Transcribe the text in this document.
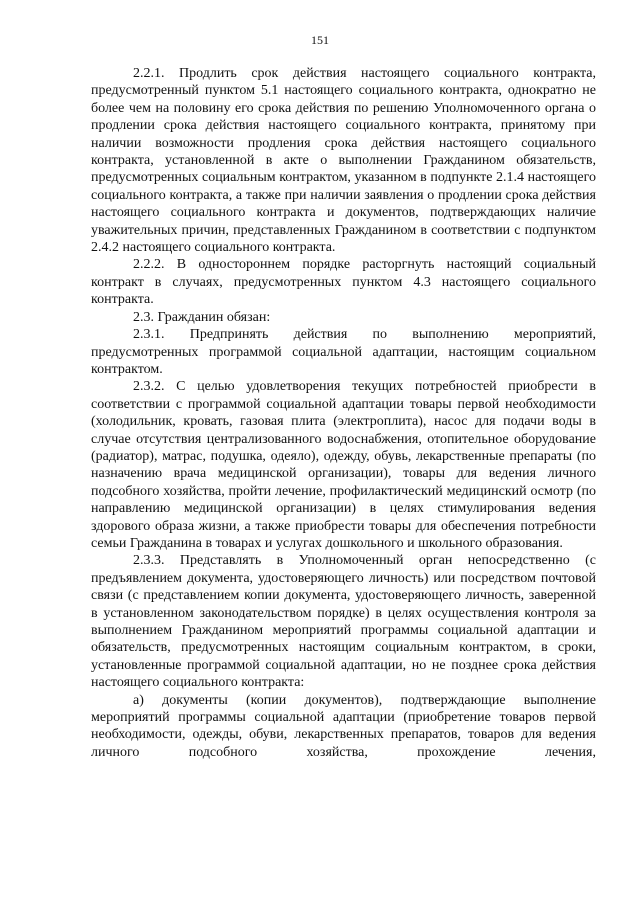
151

2.2.1. Продлить срок действия настоящего социального контракта, предусмотренный пунктом 5.1 настоящего социального контракта, однократно не более чем на половину его срока действия по решению Уполномоченного органа о продлении срока действия настоящего социального контракта, принятому при наличии возможности продления срока действия настоящего социального контракта, установленной в акте о выполнении Гражданином обязательств, предусмотренных социальным контрактом, указанном в подпункте 2.1.4 настоящего социального контракта, а также при наличии заявления о продлении срока действия настоящего социального контракта и документов, подтверждающих наличие уважительных причин, представленных Гражданином в соответствии с подпунктом 2.4.2 настоящего социального контракта.

2.2.2. В одностороннем порядке расторгнуть настоящий социальный контракт в случаях, предусмотренных пунктом 4.3 настоящего социального контракта.

2.3. Гражданин обязан:

2.3.1. Предпринять действия по выполнению мероприятий, предусмотренных программой социальной адаптации, настоящим социальном контрактом.

2.3.2. С целью удовлетворения текущих потребностей приобрести в соответствии с программой социальной адаптации товары первой необходимости (холодильник, кровать, газовая плита (электроплита), насос для подачи воды в случае отсутствия централизованного водоснабжения, отопительное оборудование (радиатор), матрас, подушка, одеяло), одежду, обувь, лекарственные препараты (по назначению врача медицинской организации), товары для ведения личного подсобного хозяйства, пройти лечение, профилактический медицинский осмотр (по направлению медицинской организации) в целях стимулирования ведения здорового образа жизни, а также приобрести товары для обеспечения потребности семьи Гражданина в товарах и услугах дошкольного и школьного образования.

2.3.3. Представлять в Уполномоченный орган непосредственно (с предъявлением документа, удостоверяющего личность) или посредством почтовой связи (с представлением копии документа, удостоверяющего личность, заверенной в установленном законодательством порядке) в целях осуществления контроля за выполнением Гражданином мероприятий программы социальной адаптации и обязательств, предусмотренных настоящим социальным контрактом, в сроки, установленные программой социальной адаптации, но не позднее срока действия настоящего социального контракта:

а) документы (копии документов), подтверждающие выполнение мероприятий программы социальной адаптации (приобретение товаров первой необходимости, одежды, обуви, лекарственных препаратов, товаров для ведения личного подсобного хозяйства, прохождение лечения,
